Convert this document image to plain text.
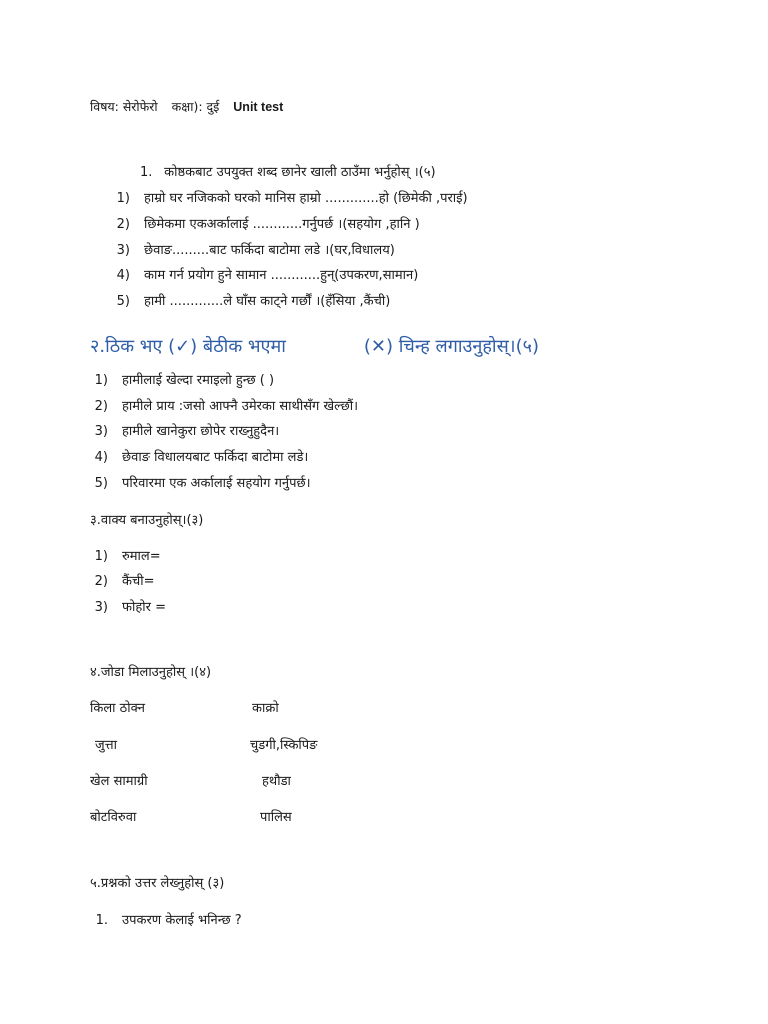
विषय: सेरोफेरो कक्षा): दुई Unit test
1. कोष्ठकबाट उपयुक्त शब्द छानेर खाली ठाउँमा भर्नुहोस् ।(५)
1) हाम्रो घर नजिकको घरको मानिस हाम्रो .............हो (छिमेकी ,पराई)
2) छिमेकमा एकअर्कालाई ............गर्नुपर्छ ।(सहयोग ,हानि )
3) छेवाङ.........बाट फर्किदा बाटोमा लडे ।(घर,विधालय)
4) काम गर्न प्रयोग हुने सामान ............हुन्(उपकरण,सामान)
5) हामी .............ले घाँस काट्ने गर्छौं ।(हँसिया ,कैंची)
२.ठिक भए (✓) बेठीक भएमा	(✕) चिन्ह लगाउनुहोस्।(५)
1) हामीलाई खेल्दा रमाइलो हुन्छ ( )
2) हामीले प्राय :जसो आफ्नै उमेरका साथीसँग खेल्छौं।
3) हामीले खानेकुरा छोपेर राख्नुहुदैन।
4) छेवाङ विधालयबाट फर्किदा बाटोमा लडे।
5) परिवारमा एक अर्कालाई सहयोग गर्नुपर्छ।
३.वाक्य बनाउनुहोस्।(३)
1) रुमाल=
2) कैंची=
3) फोहोर =
४.जोडा मिलाउनुहोस् ।(४)
किला ठोक्न	काक्रो
जुत्ता	चुडगी,स्किपिङ
खेल सामाग्री	हथौडा
बोटविरुवा	पालिस
५.प्रश्नको उत्तर लेख्नुहोस् (३)
1. उपकरण केलाई भनिन्छ ?
